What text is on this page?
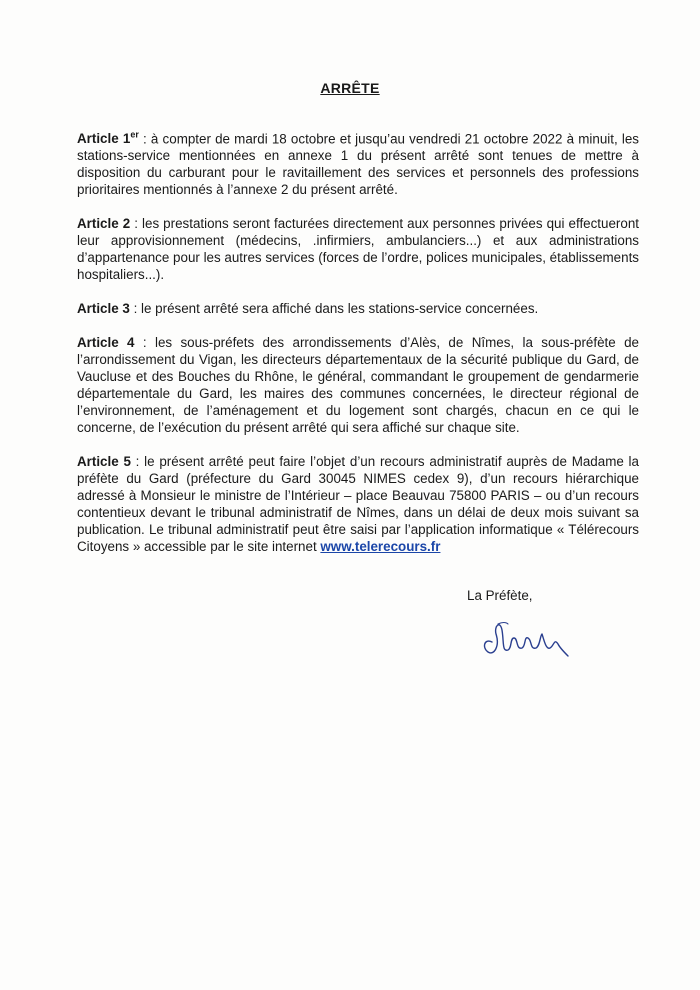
ARRÊTE

Article 1er : à compter de mardi 18 octobre et jusqu’au vendredi 21 octobre 2022 à minuit, les stations-service mentionnées en annexe 1 du présent arrêté sont tenues de mettre à disposition du carburant pour le ravitaillement des services et personnels des professions prioritaires mentionnés à l’annexe 2 du présent arrêté.

Article 2 : les prestations seront facturées directement aux personnes privées qui effectueront leur approvisionnement (médecins, .infirmiers, ambulanciers...) et aux administrations d’appartenance pour les autres services (forces de l’ordre, polices municipales, établissements hospitaliers...).

Article 3 : le présent arrêté sera affiché dans les stations-service concernées.

Article 4 : les sous-préfets des arrondissements d’Alès, de Nîmes, la sous-préfète de l’arrondissement du Vigan, les directeurs départementaux de la sécurité publique du Gard, de Vaucluse et des Bouches du Rhône, le général, commandant le groupement de gendarmerie départementale du Gard, les maires des communes concernées, le directeur régional de l’environnement, de l’aménagement et du logement sont chargés, chacun en ce qui le concerne, de l’exécution du présent arrêté qui sera affiché sur chaque site.

Article 5 : le présent arrêté peut faire l’objet d’un recours administratif auprès de Madame la préfète du Gard (préfecture du Gard 30045 NIMES cedex 9), d’un recours hiérarchique adressé à Monsieur le ministre de l’Intérieur – place Beauvau 75800 PARIS – ou d’un recours contentieux devant le tribunal administratif de Nîmes, dans un délai de deux mois suivant sa publication. Le tribunal administratif peut être saisi par l’application informatique « Télérecours Citoyens » accessible par le site internet www.telerecours.fr

La Préfète,
